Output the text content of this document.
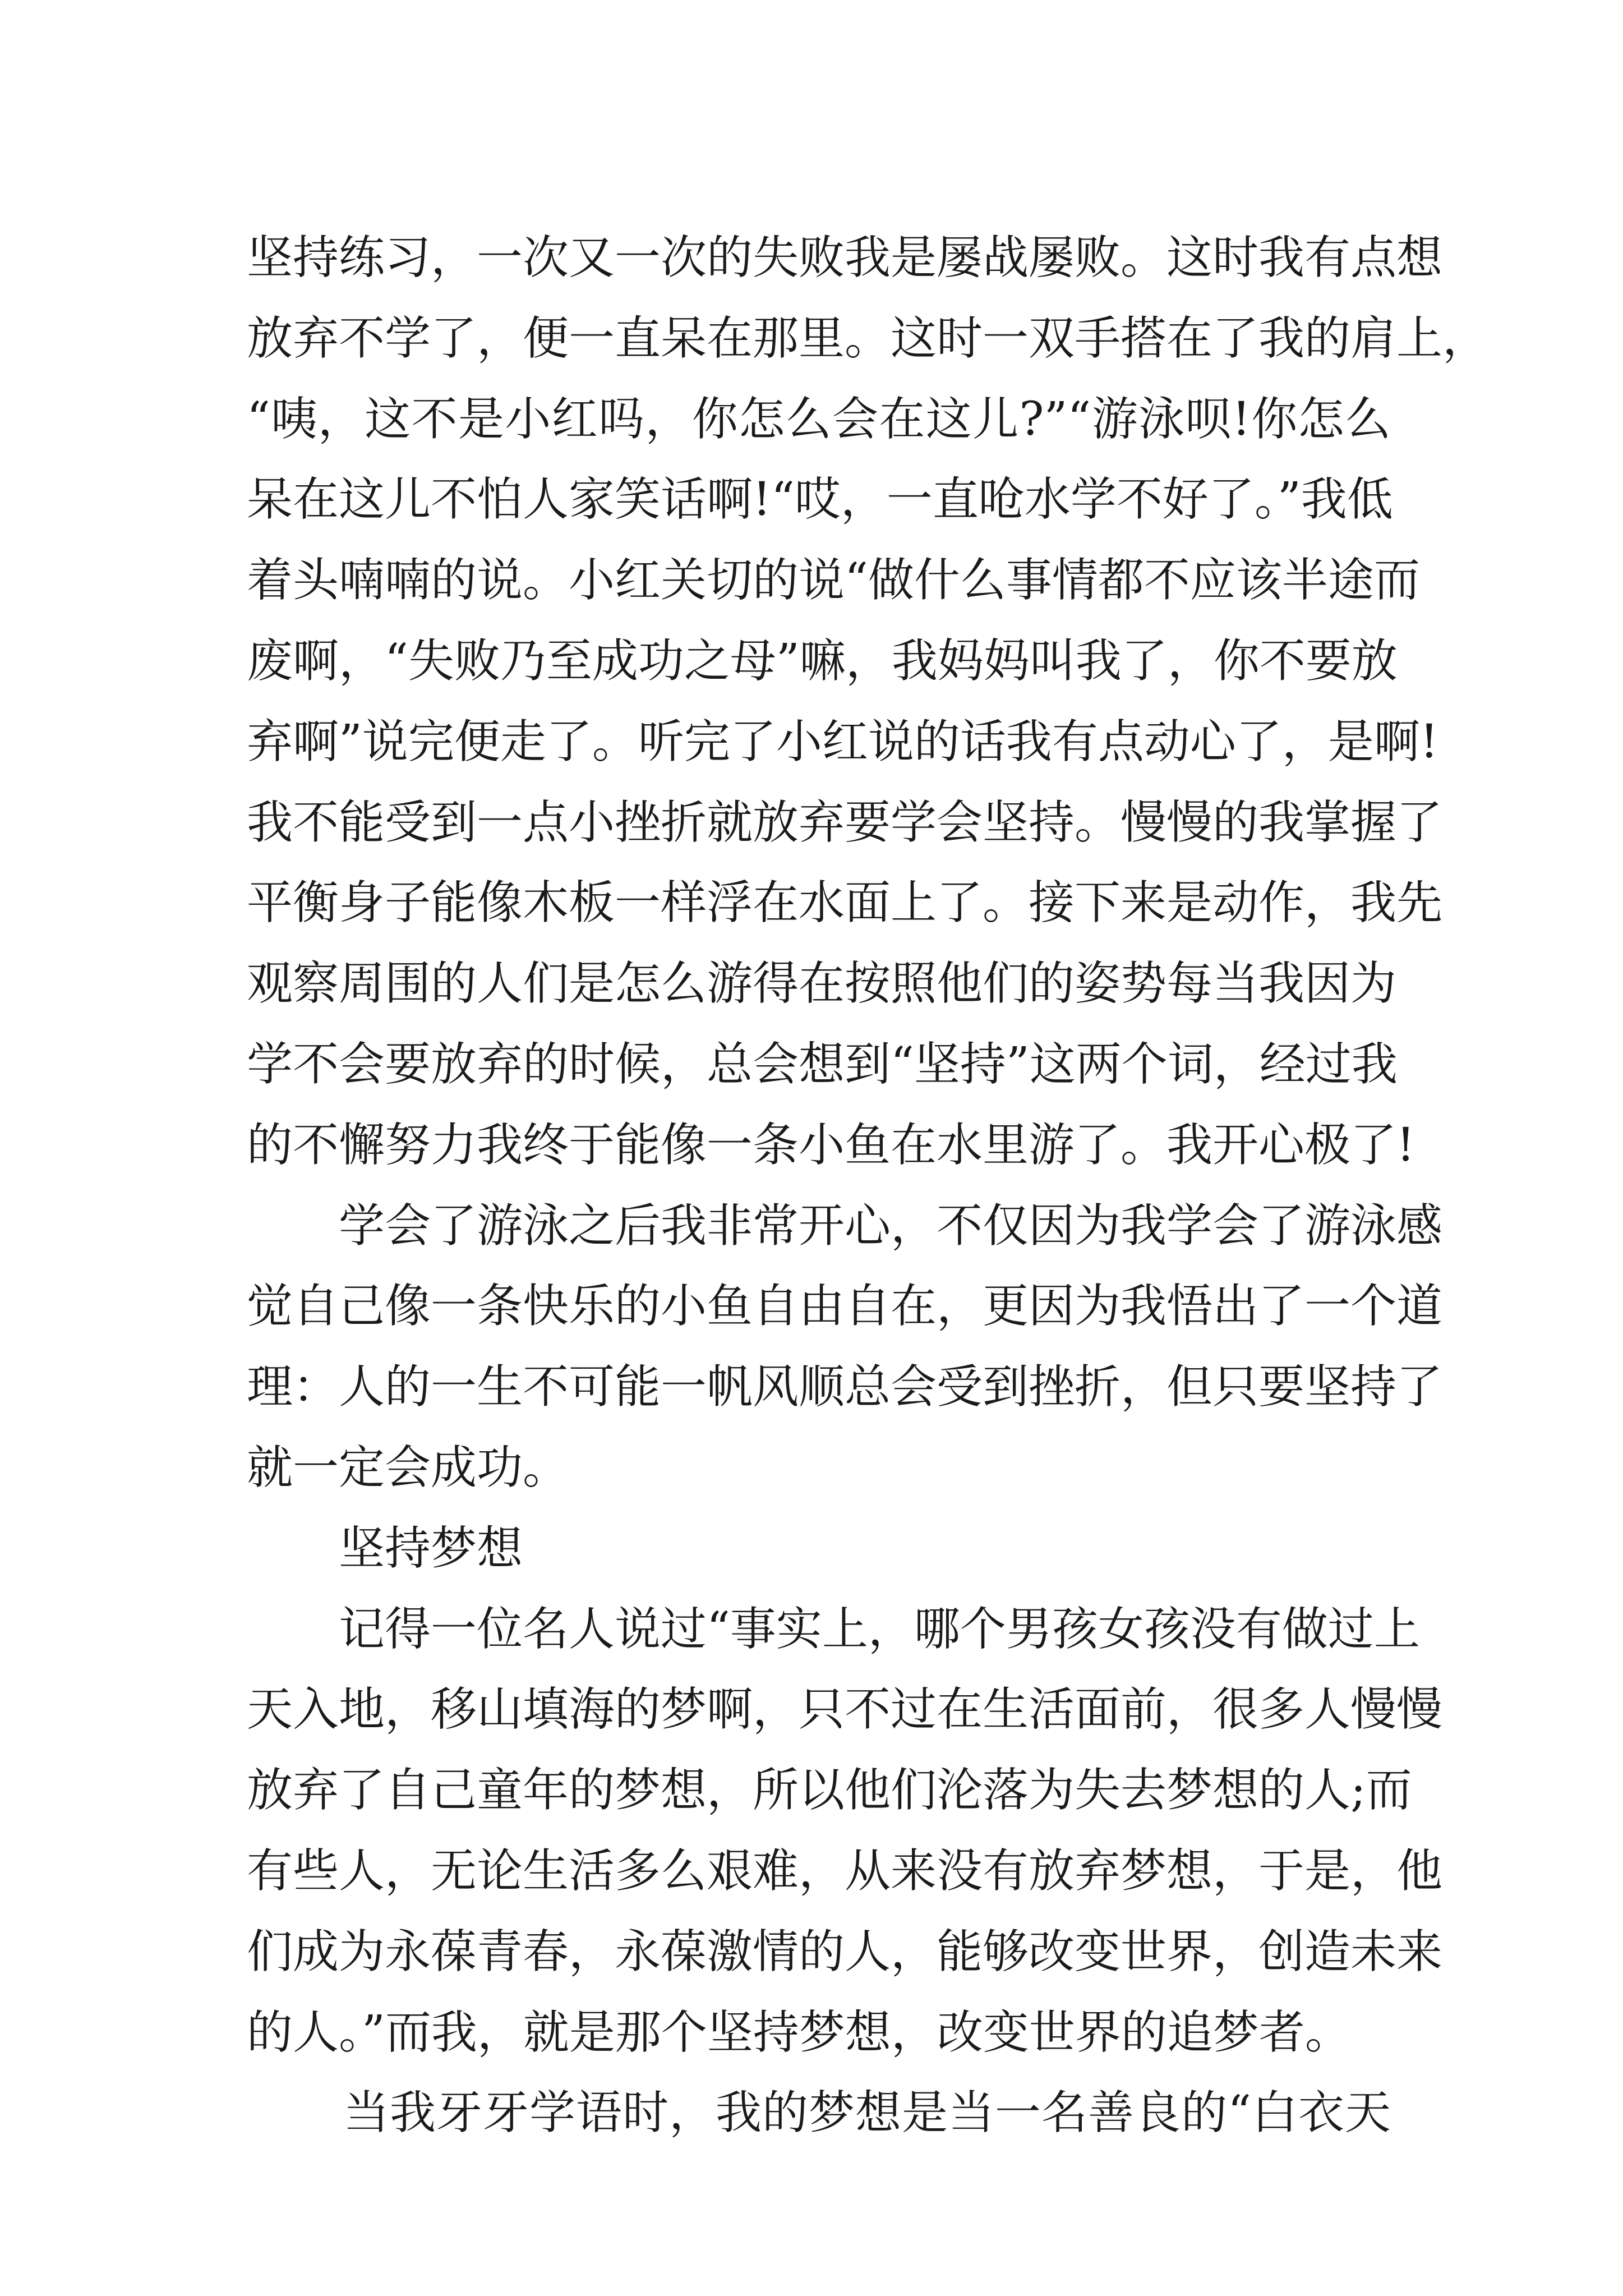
坚持练习，一次又一次的失败我是屡战屡败。这时我有点想
放弃不学了，便一直呆在那里。这时一双手搭在了我的肩上，
“咦，这不是小红吗，你怎么会在这儿?”“游泳呗!你怎么
呆在这儿不怕人家笑话啊!“哎，一直呛水学不好了。”我低
着头喃喃的说。小红关切的说“做什么事情都不应该半途而
废啊，“失败乃至成功之母”嘛，我妈妈叫我了，你不要放
弃啊”说完便走了。听完了小红说的话我有点动心了，是啊!
我不能受到一点小挫折就放弃要学会坚持。慢慢的我掌握了
平衡身子能像木板一样浮在水面上了。接下来是动作，我先
观察周围的人们是怎么游得在按照他们的姿势每当我因为
学不会要放弃的时候，总会想到“坚持”这两个词，经过我
的不懈努力我终于能像一条小鱼在水里游了。我开心极了!
学会了游泳之后我非常开心，不仅因为我学会了游泳感
觉自己像一条快乐的小鱼自由自在，更因为我悟出了一个道
理：人的一生不可能一帆风顺总会受到挫折，但只要坚持了
就一定会成功。
坚持梦想
记得一位名人说过“事实上，哪个男孩女孩没有做过上
天入地，移山填海的梦啊，只不过在生活面前，很多人慢慢
放弃了自己童年的梦想，所以他们沦落为失去梦想的人;而
有些人，无论生活多么艰难，从来没有放弃梦想，于是，他
们成为永葆青春，永葆激情的人，能够改变世界，创造未来
的人。”而我，就是那个坚持梦想，改变世界的追梦者。
当我牙牙学语时，我的梦想是当一名善良的“白衣天
